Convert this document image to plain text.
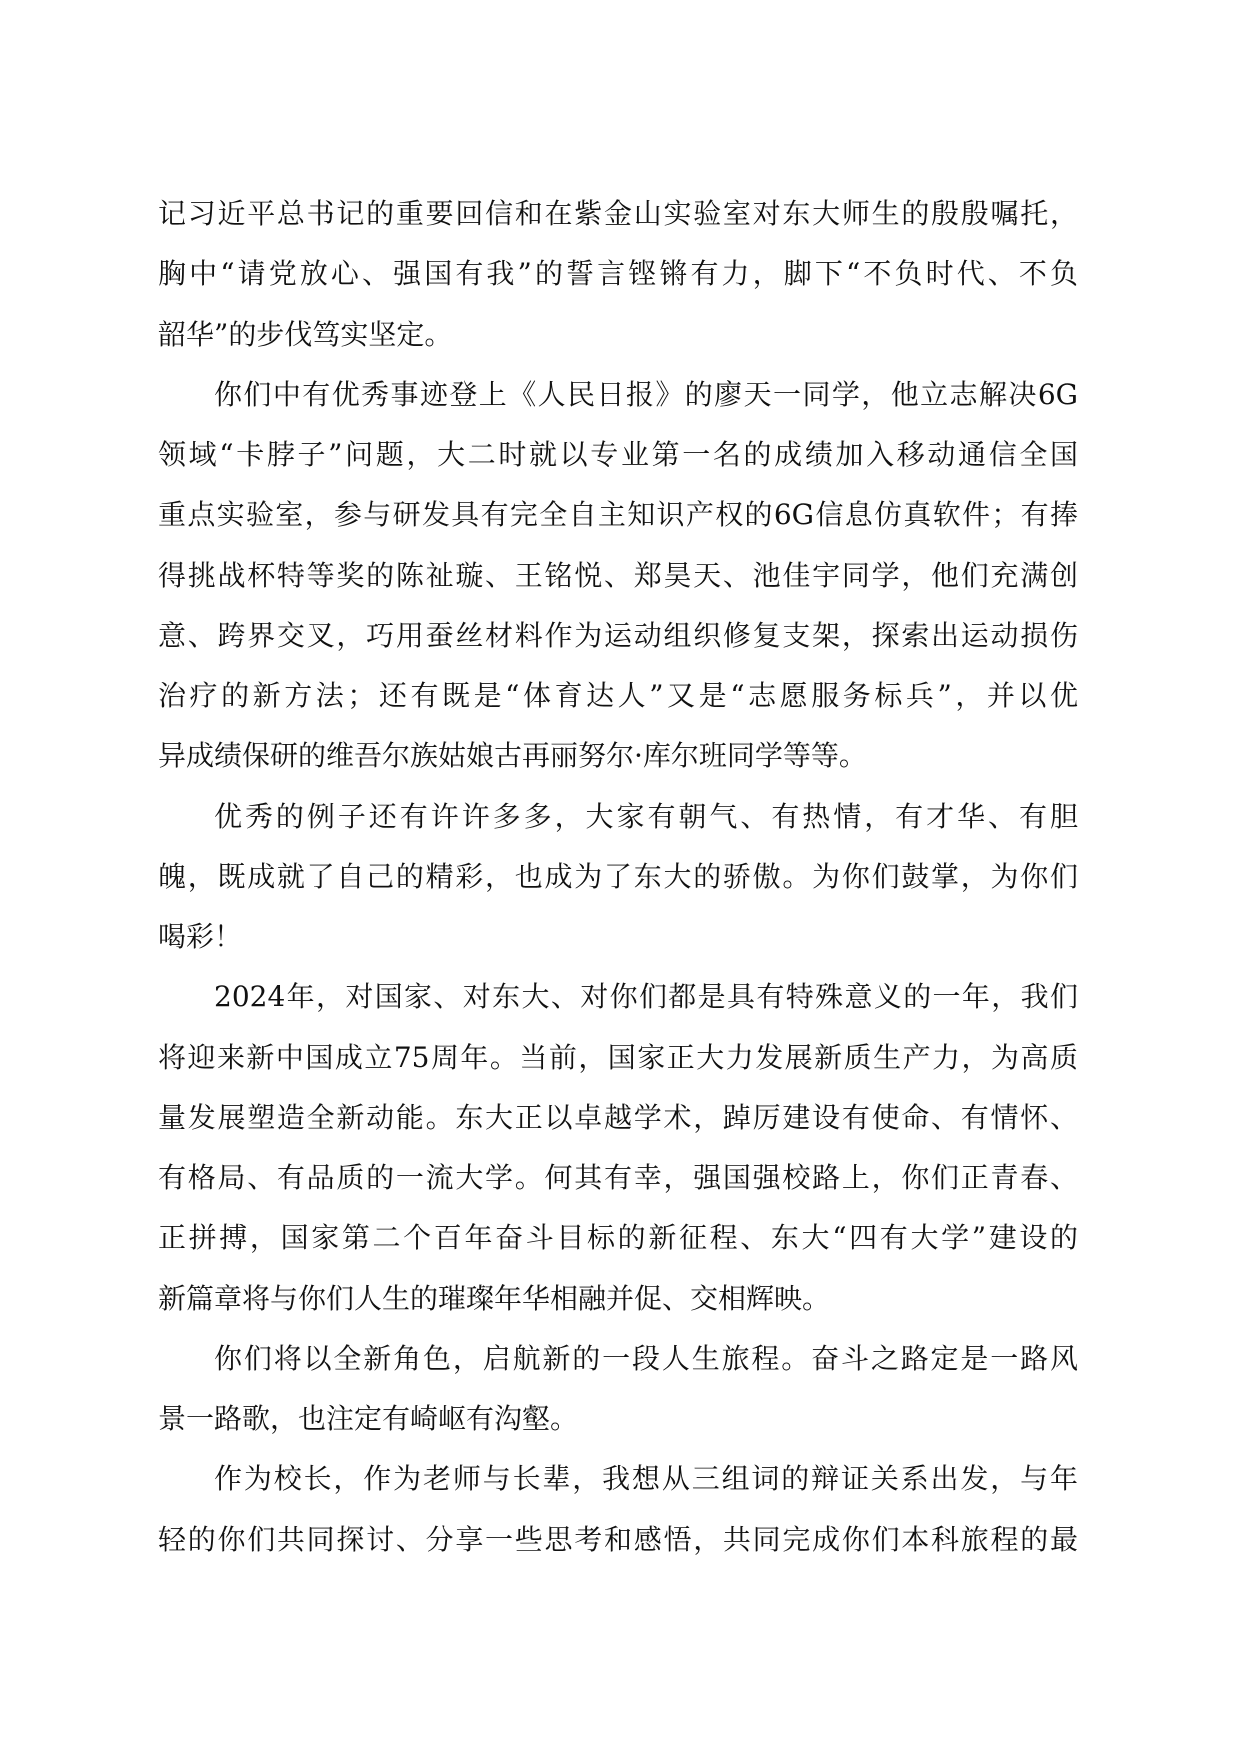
记习近平总书记的重要回信和在紫金山实验室对东大师生的殷殷嘱托，
胸中“请党放心、强国有我”的誓言铿锵有力，脚下“不负时代、不负
韶华”的步伐笃实坚定。
你们中有优秀事迹登上《人民日报》的廖天一同学，他立志解决6G
领域“卡脖子”问题，大二时就以专业第一名的成绩加入移动通信全国
重点实验室，参与研发具有完全自主知识产权的6G信息仿真软件；有捧
得挑战杯特等奖的陈祉璇、王铭悦、郑昊天、池佳宇同学，他们充满创
意、跨界交叉，巧用蚕丝材料作为运动组织修复支架，探索出运动损伤
治疗的新方法；还有既是“体育达人”又是“志愿服务标兵”，并以优
异成绩保研的维吾尔族姑娘古再丽努尔·库尔班同学等等。
优秀的例子还有许许多多，大家有朝气、有热情，有才华、有胆
魄，既成就了自己的精彩，也成为了东大的骄傲。为你们鼓掌，为你们
喝彩！
2024年，对国家、对东大、对你们都是具有特殊意义的一年，我们
将迎来新中国成立75周年。当前，国家正大力发展新质生产力，为高质
量发展塑造全新动能。东大正以卓越学术，踔厉建设有使命、有情怀、
有格局、有品质的一流大学。何其有幸，强国强校路上，你们正青春、
正拼搏，国家第二个百年奋斗目标的新征程、东大“四有大学”建设的
新篇章将与你们人生的璀璨年华相融并促、交相辉映。
你们将以全新角色，启航新的一段人生旅程。奋斗之路定是一路风
景一路歌，也注定有崎岖有沟壑。
作为校长，作为老师与长辈，我想从三组词的辩证关系出发，与年
轻的你们共同探讨、分享一些思考和感悟，共同完成你们本科旅程的最
